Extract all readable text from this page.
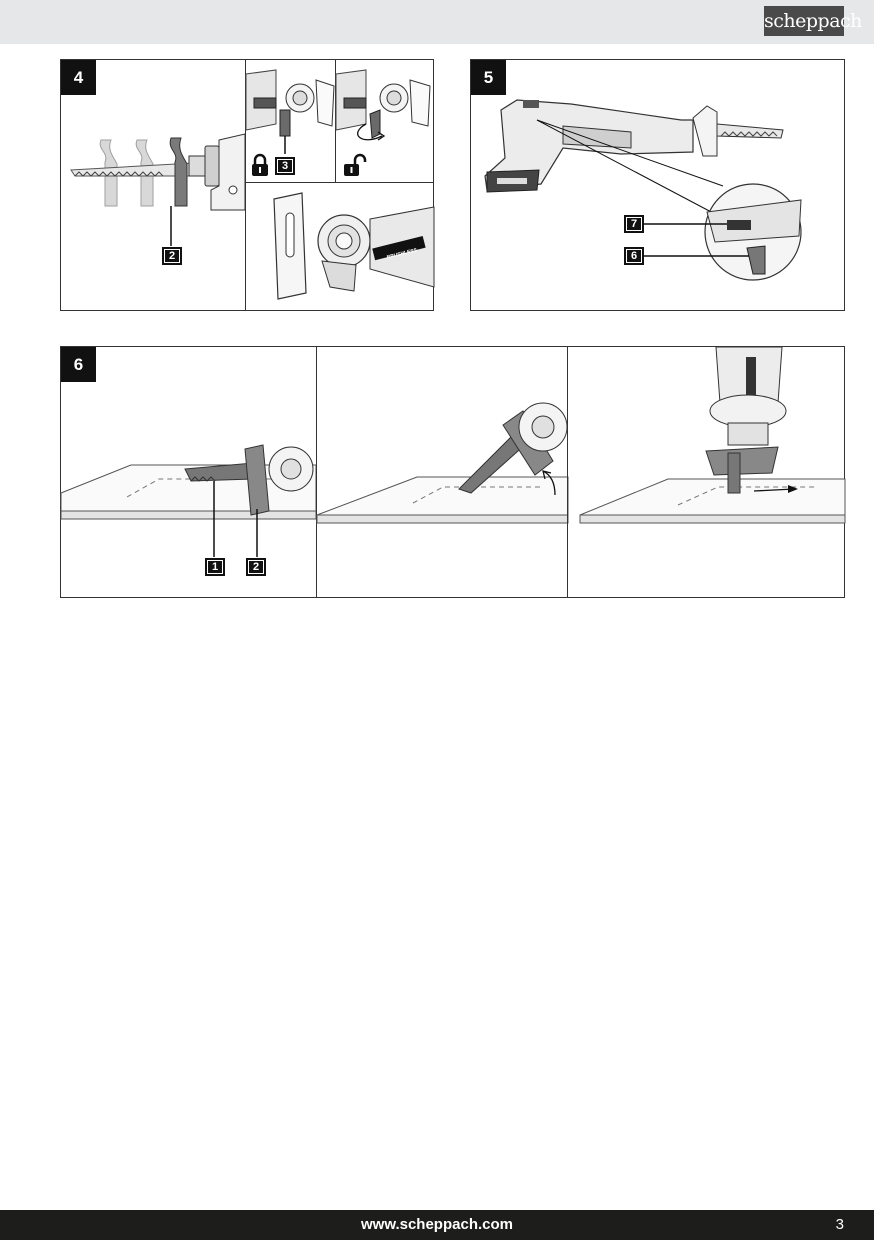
scheppach
4
2
3
BRUSHLESS
5
7
6
6
1	2
www.scheppach.com	3
